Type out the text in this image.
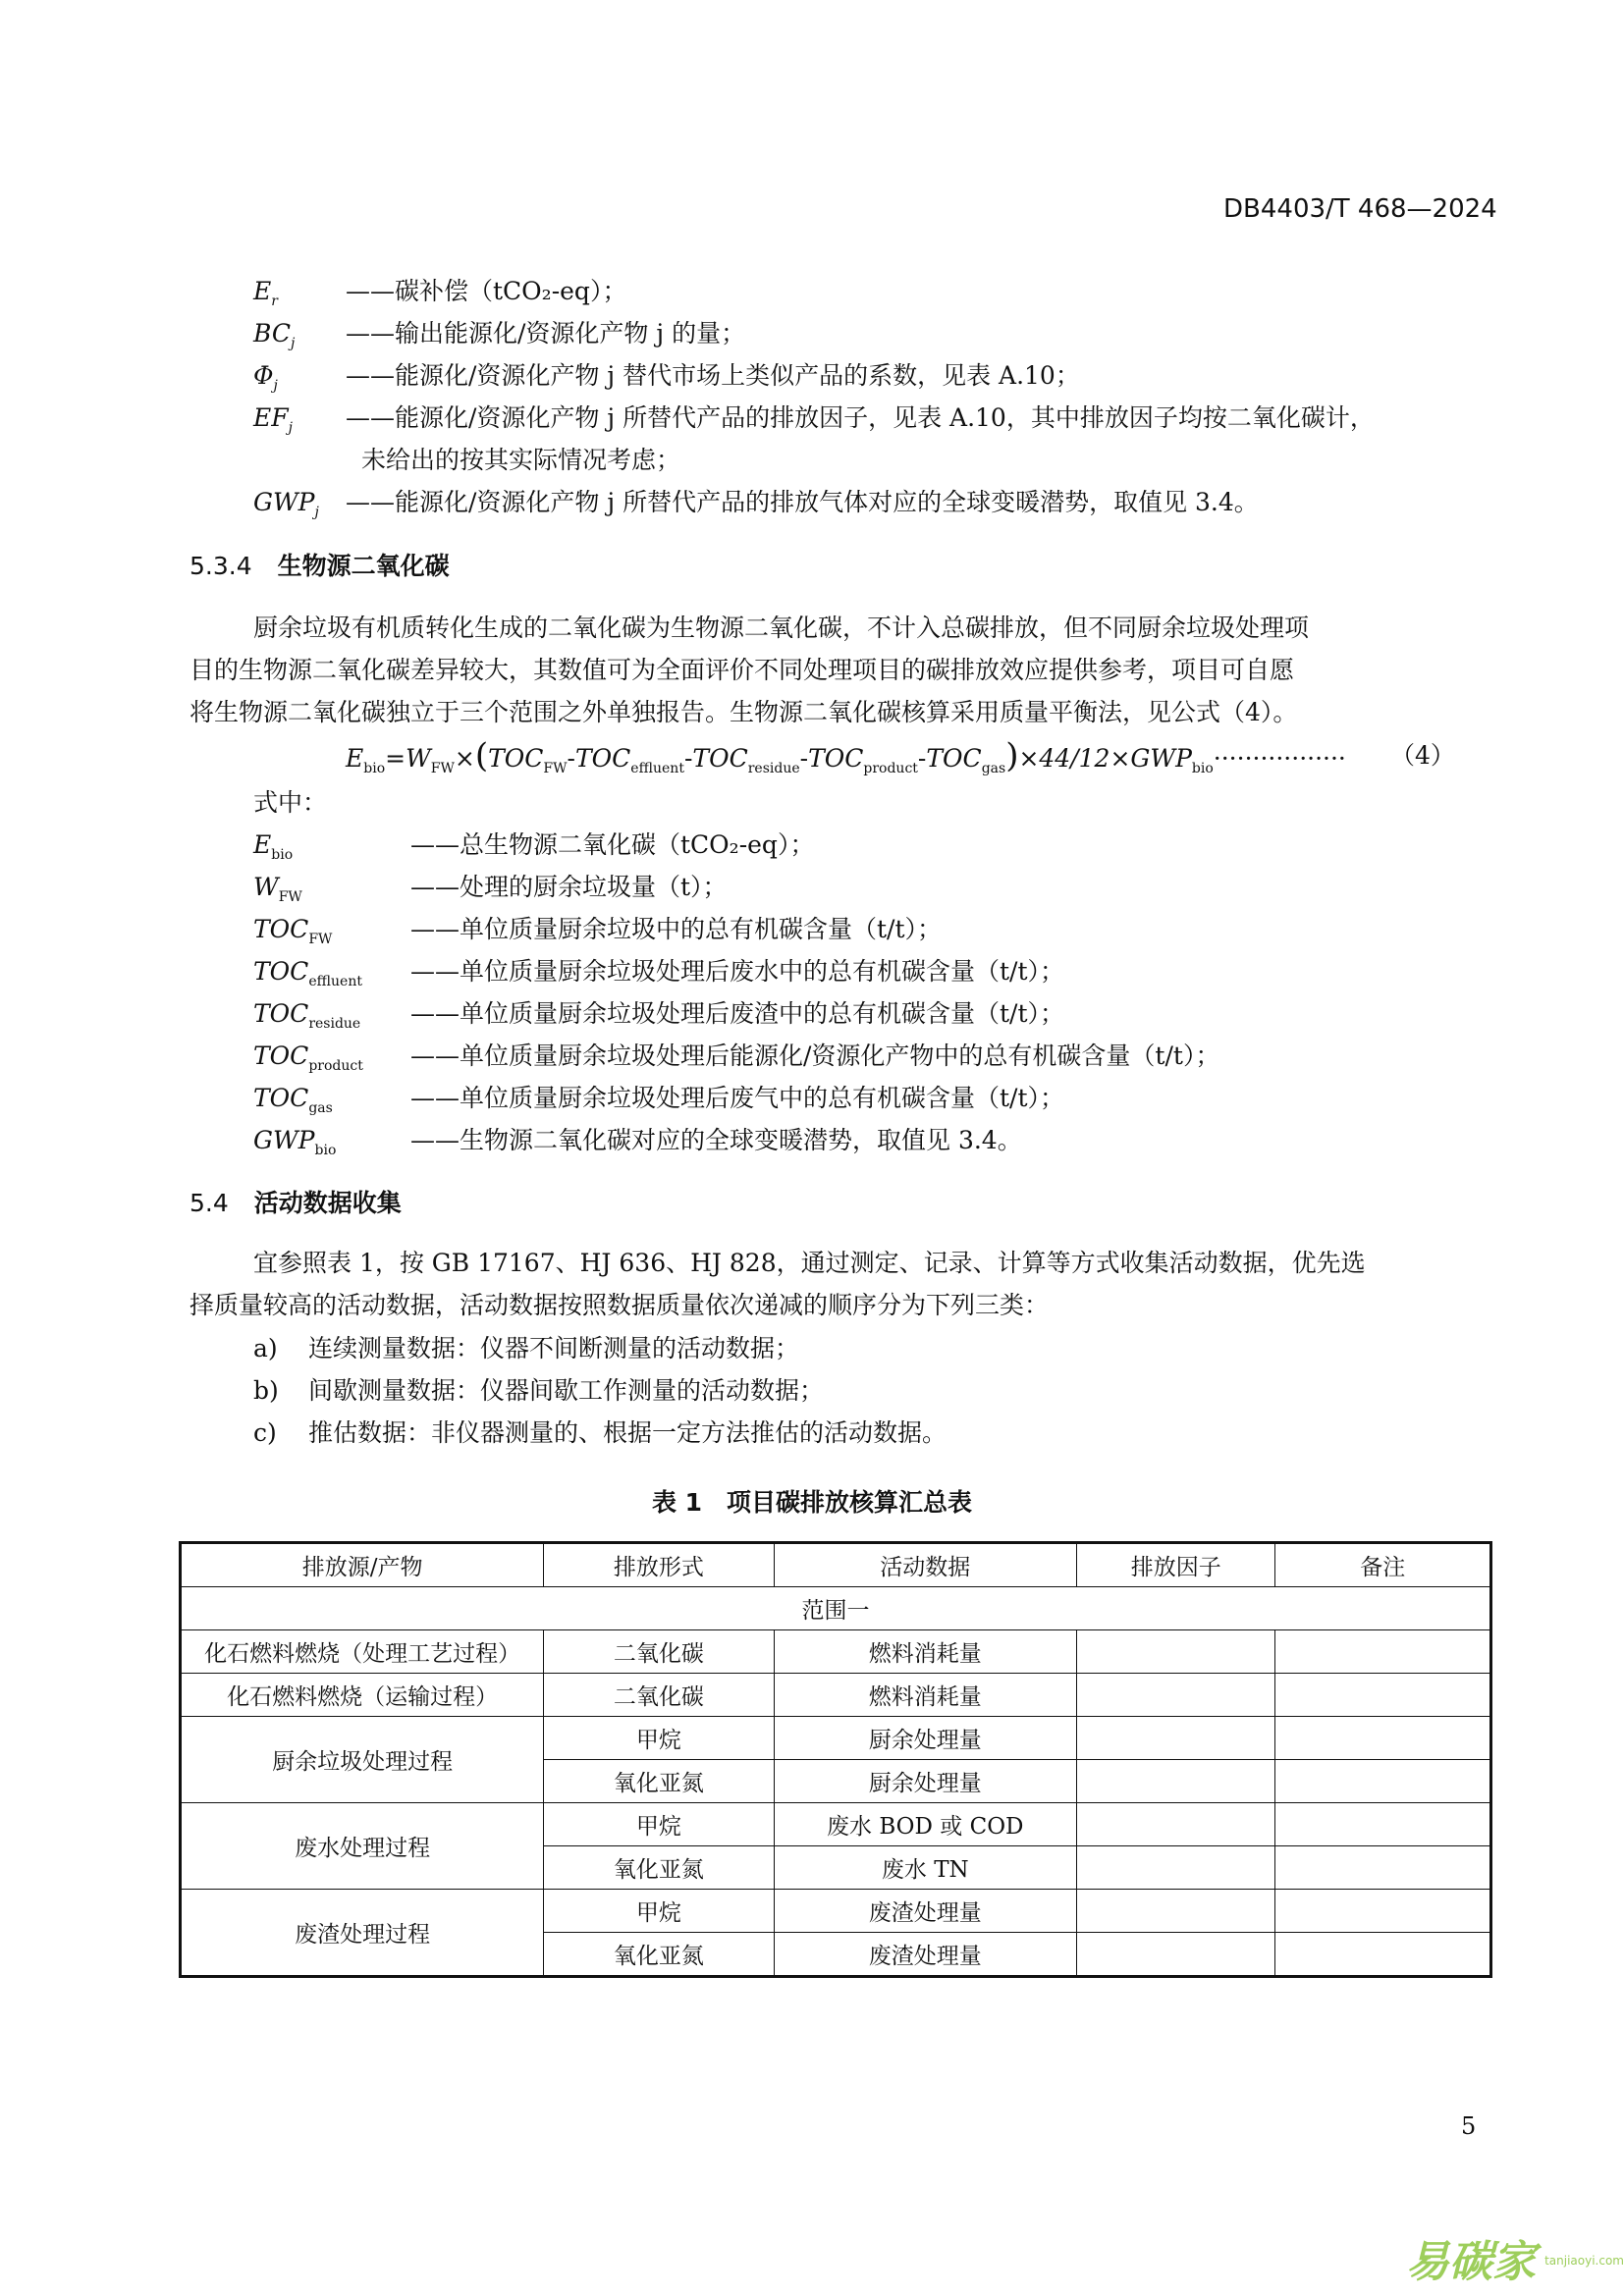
DB4403/T 468—2024
$E_r$	——碳补偿（tCO₂-eq）；
$BC_j$ ——输出能源化/资源化产物 j 的量；
$\Phi_j$	——能源化/资源化产物 j 替代市场上类似产品的系数，见表 A.10；
$EF_j$ ——能源化/资源化产物 j 所替代产品的排放因子，见表 A.10，其中排放因子均按二氧化碳计，
未给出的按其实际情况考虑；
$GWP_j$ ——能源化/资源化产物 j 所替代产品的排放气体对应的全球变暖潜势，取值见 3.4。
5.3.4 生物源二氧化碳
厨余垃圾有机质转化生成的二氧化碳为生物源二氧化碳，不计入总碳排放，但不同厨余垃圾处理项
目的生物源二氧化碳差异较大，其数值可为全面评价不同处理项目的碳排放效应提供参考，项目可自愿
将生物源二氧化碳独立于三个范围之外单独报告。生物源二氧化碳核算采用质量平衡法，见公式（4）。
$E_{bio}=W_{FW}\times(TOC_{FW}-TOC_{effluent}-TOC_{residue}-TOC_{product}-TOC_{gas})\times 44/12\times GWP_{bio}\cdot\cdot\cdot\cdot\cdot\cdot\cdot\cdot\cdot\cdot\cdot\cdot\cdot\cdot\cdot\cdot\cdot (4)$
式中：
$E_{bio}$	——总生物源二氧化碳（tCO₂-eq）；
$W_{FW}$	——处理的厨余垃圾量（t）；
$TOC_{FW}$	——单位质量厨余垃圾中的总有机碳含量（t/t）；
$TOC_{effluent}$ ——单位质量厨余垃圾处理后废水中的总有机碳含量（t/t）；
$TOC_{residue}$ ——单位质量厨余垃圾处理后废渣中的总有机碳含量（t/t）；
$TOC_{product}$ ——单位质量厨余垃圾处理后能源化/资源化产物中的总有机碳含量（t/t）；
$TOC_{gas}$	——单位质量厨余垃圾处理后废气中的总有机碳含量（t/t）；
$GWP_{bio}$	——生物源二氧化碳对应的全球变暖潜势，取值见 3.4。
5.4 活动数据收集
宜参照表 1，按 GB 17167、HJ 636、HJ 828，通过测定、记录、计算等方式收集活动数据，优先选
择质量较高的活动数据，活动数据按照数据质量依次递减的顺序分为下列三类：
a) 连续测量数据：仪器不间断测量的活动数据；
b) 间歇测量数据：仪器间歇工作测量的活动数据；
c) 推估数据：非仪器测量的、根据一定方法推估的活动数据。
表 1　项目碳排放核算汇总表
排放源/产物	排放形式	活动数据	排放因子	备注
范围一				
化石燃料燃烧（处理工艺过程）	二氧化碳	燃料消耗量		
化石燃料燃烧（运输过程）	二氧化碳	燃料消耗量		
厨余垃圾处理过程	甲烷	厨余处理量		
	氧化亚氮	厨余处理量		
废水处理过程	甲烷	废水 BOD 或 COD		
	氧化亚氮	废水 TN		
废渣处理过程	甲烷	废渣处理量		
	氧化亚氮	废渣处理量		
5
易碳家 $^{tanjiaoyi.com}$
